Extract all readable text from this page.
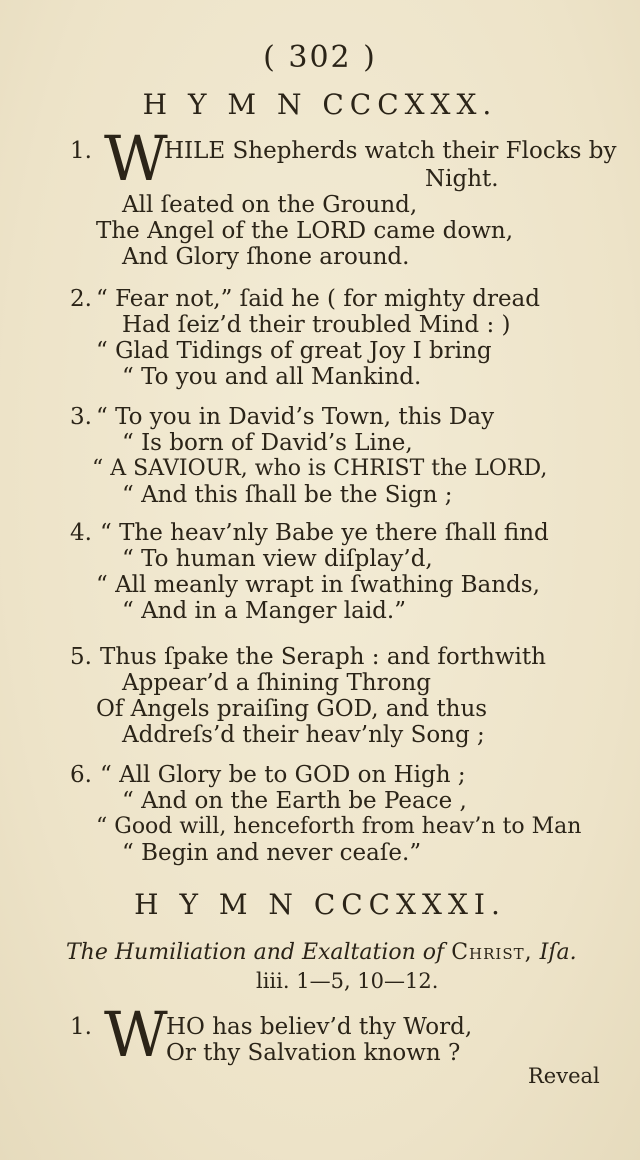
( 302 )
H Y M N CCCXXX.
1. W
HILE Shepherds watch their Flocks by
Night.
All ſeated on the Ground,
The Angel of the LORD came down,
And Glory ſhone around.
2. “ Fear not,” ſaid he ( for mighty dread
Had ſeiz’d their troubled Mind : )
“ Glad Tidings of great Joy I bring
“ To you and all Mankind.
3. “ To you in David’s Town, this Day
“ Is born of David’s Line,
“ A SAVIOUR, who is CHRIST the LORD,
“ And this ſhall be the Sign ;
4. “ The heav’nly Babe ye there ſhall find
“ To human view diſplay’d,
“ All meanly wrapt in ſwathing Bands,
“ And in a Manger laid.”
5. Thus ſpake the Seraph : and forthwith
Appear’d a ſhining Throng
Of Angels praiſing GOD, and thus
Addreſs’d their heav’nly Song ;
6. “ All Glory be to GOD on High ;
“ And on the Earth be Peace ,
“ Good will, henceforth from heav’n to Man
“ Begin and never ceaſe.”
H Y M N CCCXXXI.
The Humiliation and Exaltation of Christ, Iſa.
liii. 1—5, 10—12.
1. W
HO has believ’d thy Word,
Or thy Salvation known ?
Reveal
